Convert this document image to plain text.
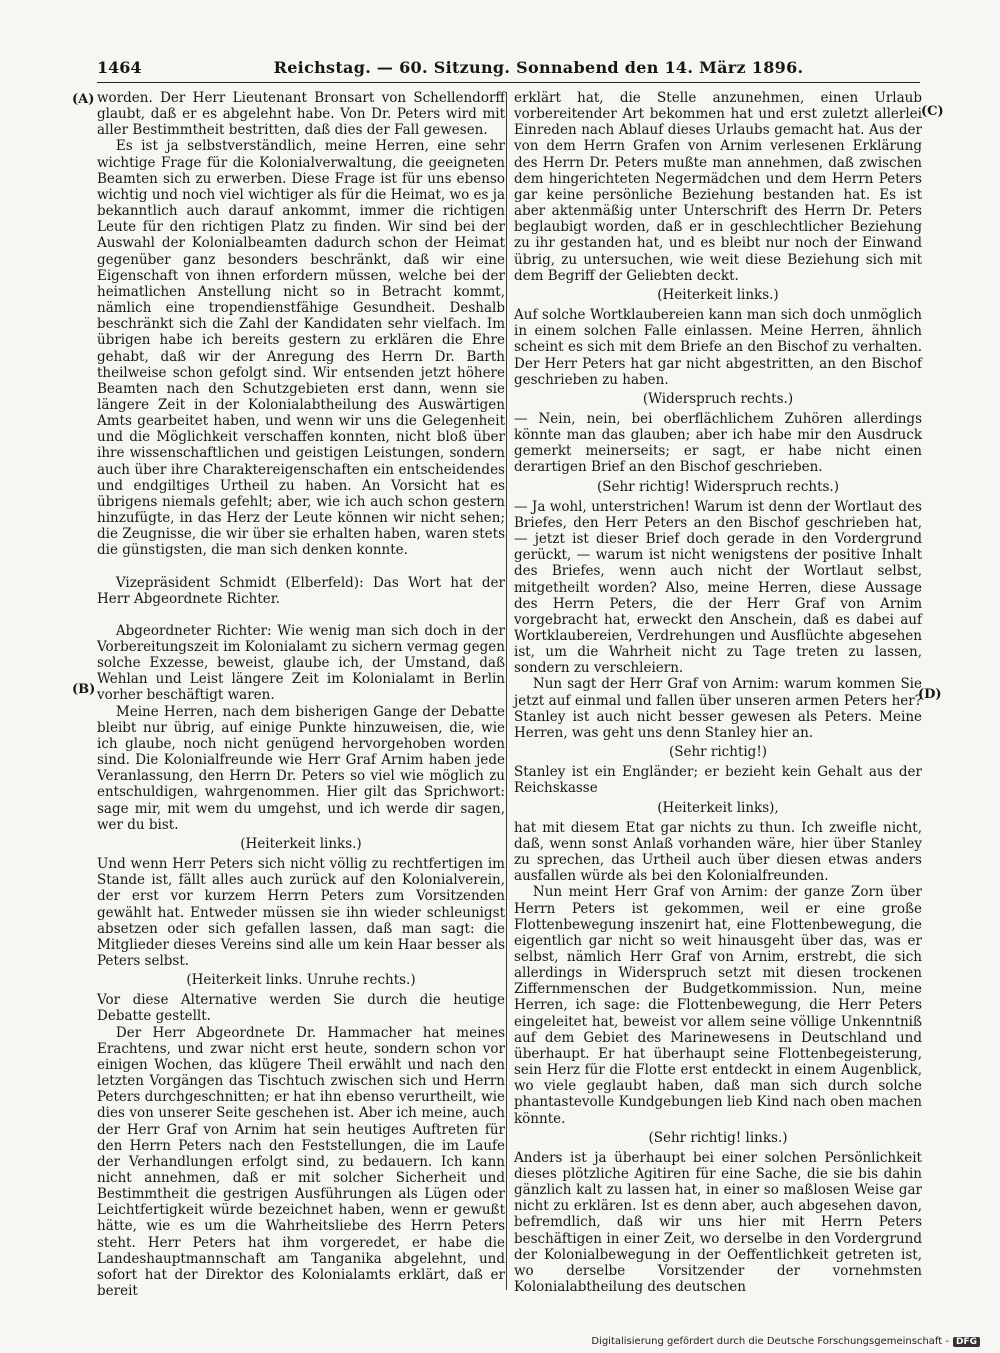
1464	Reichstag. — 60. Sitzung. Sonnabend den 14. März 1896.
(A)
(B)
(C)
(D)

worden. Der Herr Lieutenant Bronsart von Schellendorff glaubt, daß er es abgelehnt habe. Von Dr. Peters wird mit aller Bestimmtheit bestritten, daß dies der Fall gewesen.

Es ist ja selbstverständlich, meine Herren, eine sehr wichtige Frage für die Kolonialverwaltung, die geeigneten Beamten sich zu erwerben. Diese Frage ist für uns ebenso wichtig und noch viel wichtiger als für die Heimat, wo es ja bekanntlich auch darauf ankommt, immer die richtigen Leute für den richtigen Platz zu finden. Wir sind bei der Auswahl der Kolonialbeamten dadurch schon der Heimat gegenüber ganz besonders beschränkt, daß wir eine Eigenschaft von ihnen erfordern müssen, welche bei der heimatlichen Anstellung nicht so in Betracht kommt, nämlich eine tropendienstfähige Gesundheit. Deshalb beschränkt sich die Zahl der Kandidaten sehr vielfach. Im übrigen habe ich bereits gestern zu erklären die Ehre gehabt, daß wir der Anregung des Herrn Dr. Barth theilweise schon gefolgt sind. Wir entsenden jetzt höhere Beamten nach den Schutzgebieten erst dann, wenn sie längere Zeit in der Kolonialabtheilung des Auswärtigen Amts gearbeitet haben, und wenn wir uns die Gelegenheit und die Möglichkeit verschaffen konnten, nicht bloß über ihre wissenschaftlichen und geistigen Leistungen, sondern auch über ihre Charaktereigenschaften ein entscheidendes und endgiltiges Urtheil zu haben. An Vorsicht hat es übrigens niemals gefehlt; aber, wie ich auch schon gestern hinzufügte, in das Herz der Leute können wir nicht sehen; die Zeugnisse, die wir über sie erhalten haben, waren stets die günstigsten, die man sich denken konnte.

Vizepräsident Schmidt (Elberfeld): Das Wort hat der Herr Abgeordnete Richter.

Abgeordneter Richter: Wie wenig man sich doch in der Vorbereitungszeit im Kolonialamt zu sichern vermag gegen solche Exzesse, beweist, glaube ich, der Umstand, daß Wehlan und Leist längere Zeit im Kolonialamt in Berlin vorher beschäftigt waren.

Meine Herren, nach dem bisherigen Gange der Debatte bleibt nur übrig, auf einige Punkte hinzuweisen, die, wie ich glaube, noch nicht genügend hervorgehoben worden sind. Die Kolonialfreunde wie Herr Graf Arnim haben jede Veranlassung, den Herrn Dr. Peters so viel wie möglich zu entschuldigen, wahrgenommen. Hier gilt das Sprichwort: sage mir, mit wem du umgehst, und ich werde dir sagen, wer du bist.

(Heiterkeit links.)

Und wenn Herr Peters sich nicht völlig zu rechtfertigen im Stande ist, fällt alles auch zurück auf den Kolonialverein, der erst vor kurzem Herrn Peters zum Vorsitzenden gewählt hat. Entweder müssen sie ihn wieder schleunigst absetzen oder sich gefallen lassen, daß man sagt: die Mitglieder dieses Vereins sind alle um kein Haar besser als Peters selbst.

(Heiterkeit links. Unruhe rechts.)

Vor diese Alternative werden Sie durch die heutige Debatte gestellt.

Der Herr Abgeordnete Dr. Hammacher hat meines Erachtens, und zwar nicht erst heute, sondern schon vor einigen Wochen, das klügere Theil erwählt und nach den letzten Vorgängen das Tischtuch zwischen sich und Herrn Peters durchgeschnitten; er hat ihn ebenso verurtheilt, wie dies von unserer Seite geschehen ist. Aber ich meine, auch der Herr Graf von Arnim hat sein heutiges Auftreten für den Herrn Peters nach den Feststellungen, die im Laufe der Verhandlungen erfolgt sind, zu bedauern. Ich kann nicht annehmen, daß er mit solcher Sicherheit und Bestimmtheit die gestrigen Ausführungen als Lügen oder Leichtfertigkeit würde bezeichnet haben, wenn er gewußt hätte, wie es um die Wahrheitsliebe des Herrn Peters steht. Herr Peters hat ihm vorgeredet, er habe die Landeshauptmannschaft am Tanganika abgelehnt, und sofort hat der Direktor des Kolonialamts erklärt, daß er bereit

erklärt hat, die Stelle anzunehmen, einen Urlaub vorbereitender Art bekommen hat und erst zuletzt allerlei Einreden nach Ablauf dieses Urlaubs gemacht hat. Aus der von dem Herrn Grafen von Arnim verlesenen Erklärung des Herrn Dr. Peters mußte man annehmen, daß zwischen dem hingerichteten Negermädchen und dem Herrn Peters gar keine persönliche Beziehung bestanden hat. Es ist aber aktenmäßig unter Unterschrift des Herrn Dr. Peters beglaubigt worden, daß er in geschlechtlicher Beziehung zu ihr gestanden hat, und es bleibt nur noch der Einwand übrig, zu untersuchen, wie weit diese Beziehung sich mit dem Begriff der Geliebten deckt.

(Heiterkeit links.)

Auf solche Wortklaubereien kann man sich doch unmöglich in einem solchen Falle einlassen. Meine Herren, ähnlich scheint es sich mit dem Briefe an den Bischof zu verhalten. Der Herr Peters hat gar nicht abgestritten, an den Bischof geschrieben zu haben.

(Widerspruch rechts.)

— Nein, nein, bei oberflächlichem Zuhören allerdings könnte man das glauben; aber ich habe mir den Ausdruck gemerkt meinerseits; er sagt, er habe nicht einen derartigen Brief an den Bischof geschrieben.

(Sehr richtig! Widerspruch rechts.)

— Ja wohl, unterstrichen! Warum ist denn der Wortlaut des Briefes, den Herr Peters an den Bischof geschrieben hat, — jetzt ist dieser Brief doch gerade in den Vordergrund gerückt, — warum ist nicht wenigstens der positive Inhalt des Briefes, wenn auch nicht der Wortlaut selbst, mitgetheilt worden? Also, meine Herren, diese Aussage des Herrn Peters, die der Herr Graf von Arnim vorgebracht hat, erweckt den Anschein, daß es dabei auf Wortklaubereien, Verdrehungen und Ausflüchte abgesehen ist, um die Wahrheit nicht zu Tage treten zu lassen, sondern zu verschleiern.

Nun sagt der Herr Graf von Arnim: warum kommen Sie jetzt auf einmal und fallen über unseren armen Peters her? Stanley ist auch nicht besser gewesen als Peters. Meine Herren, was geht uns denn Stanley hier an.

(Sehr richtig!)

Stanley ist ein Engländer; er bezieht kein Gehalt aus der Reichskasse

(Heiterkeit links),

hat mit diesem Etat gar nichts zu thun. Ich zweifle nicht, daß, wenn sonst Anlaß vorhanden wäre, hier über Stanley zu sprechen, das Urtheil auch über diesen etwas anders ausfallen würde als bei den Kolonialfreunden.

Nun meint Herr Graf von Arnim: der ganze Zorn über Herrn Peters ist gekommen, weil er eine große Flottenbewegung inszenirt hat, eine Flottenbewegung, die eigentlich gar nicht so weit hinausgeht über das, was er selbst, nämlich Herr Graf von Arnim, erstrebt, die sich allerdings in Widerspruch setzt mit diesen trockenen Ziffernmenschen der Budgetkommission. Nun, meine Herren, ich sage: die Flottenbewegung, die Herr Peters eingeleitet hat, beweist vor allem seine völlige Unkenntniß auf dem Gebiet des Marinewesens in Deutschland und überhaupt. Er hat überhaupt seine Flottenbegeisterung, sein Herz für die Flotte erst entdeckt in einem Augenblick, wo viele geglaubt haben, daß man sich durch solche phantastevolle Kundgebungen lieb Kind nach oben machen könnte.

(Sehr richtig! links.)

Anders ist ja überhaupt bei einer solchen Persönlichkeit dieses plötzliche Agitiren für eine Sache, die sie bis dahin gänzlich kalt zu lassen hat, in einer so maßlosen Weise gar nicht zu erklären. Ist es denn aber, auch abgesehen davon, befremdlich, daß wir uns hier mit Herrn Peters beschäftigen in einer Zeit, wo derselbe in den Vordergrund der Kolonialbewegung in der Oeffentlichkeit getreten ist, wo derselbe Vorsitzender der vornehmsten Kolonialabtheilung des deutschen

Digitalisierung gefördert durch die Deutsche Forschungsgemeinschaft - DFG
